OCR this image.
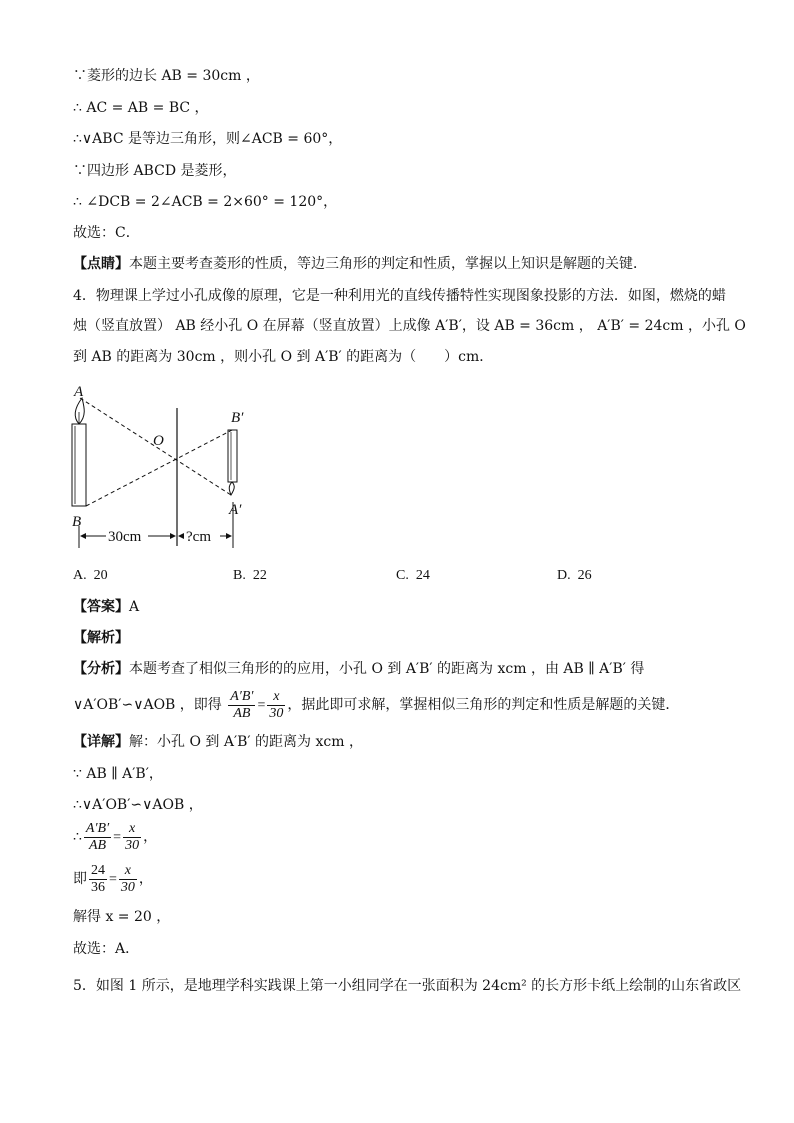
∵菱形的边长 AB = 30cm ，
∴ AC = AB = BC ，
∴∨ABC 是等边三角形，则∠ACB = 60°，
∵四边形 ABCD 是菱形，
∴ ∠DCB = 2∠ACB = 2×60° = 120°，
故选：C．
【点睛】本题主要考查菱形的性质，等边三角形的判定和性质，掌握以上知识是解题的关键．
4．物理课上学过小孔成像的原理，它是一种利用光的直线传播特性实现图象投影的方法．如图，燃烧的蜡
烛（竖直放置） AB 经小孔 O 在屏幕（竖直放置）上成像 A′B′，设 AB = 36cm ， A′B′ = 24cm ，小孔 O
到 AB 的距离为 30cm ，则小孔 O 到 A′B′ 的距离为（　　）cm．
A
B
O
B′
A′
30cm	?cm
A. 20	B. 22	C. 24	D. 26
【答案】A
【解析】
【分析】本题考查了相似三角形的的应用，小孔 O 到 A′B′ 的距离为 xcm ，由 AB ∥ A′B′ 得
∨A′OB′∽∨AOB ，即得 $\frac{A'B'}{AB} = \frac{x}{30}$ ，据此即可求解，掌握相似三角形的判定和性质是解题的关键．
【详解】解：小孔 O 到 A′B′ 的距离为 xcm ，
∵ AB ∥ A′B′，
∴∨A′OB′∽∨AOB ，
∴ $\frac{A'B'}{AB} = \frac{x}{30}$ ，
即 $\frac{24}{36} = \frac{x}{30}$ ，
解得 x = 20 ，
故选：A．
5．如图 1 所示，是地理学科实践课上第一小组同学在一张面积为 24cm² 的长方形卡纸上绘制的山东省政区
